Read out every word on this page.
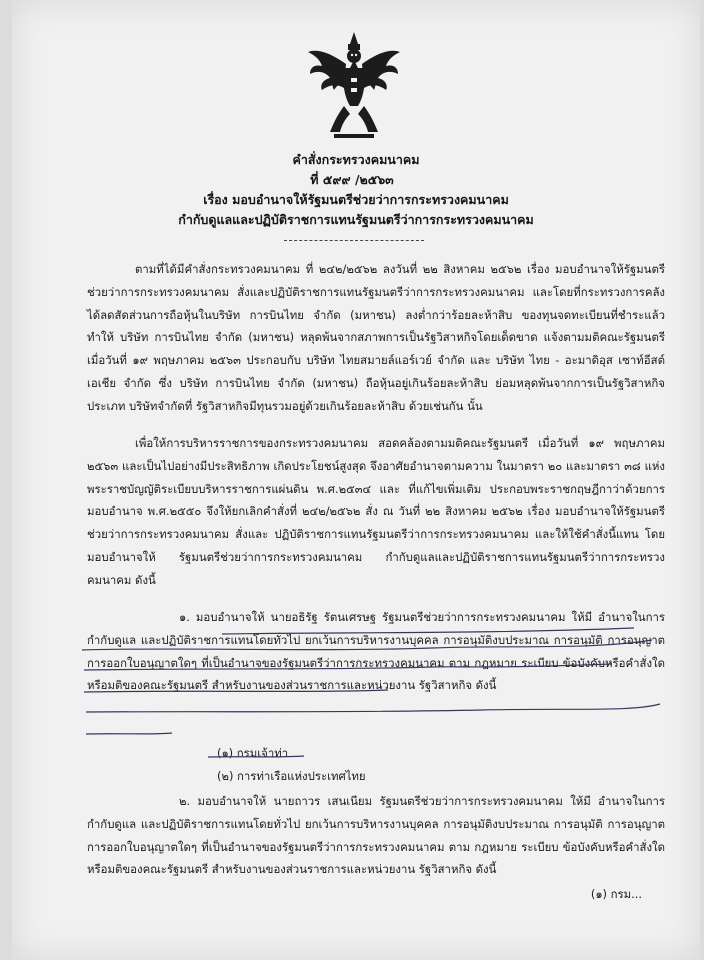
คำสั่งกระทรวงคมนาคม
ที่ ๕๙๙ /๒๕๖๓
เรื่อง มอบอำนาจให้รัฐมนตรีช่วยว่าการกระทรวงคมนาคม
กำกับดูแลและปฏิบัติราชการแทนรัฐมนตรีว่าการกระทรวงคมนาคม

ตามที่ได้มีคำสั่งกระทรวงคมนาคม ที่ ๒๔๒/๒๕๖๒ ลงวันที่ ๒๒ สิงหาคม ๒๕๖๒ เรื่อง มอบอำนาจให้รัฐมนตรีช่วยว่าการกระทรวงคมนาคม สั่งและปฏิบัติราชการแทนรัฐมนตรีว่าการกระทรวงคมนาคม และโดยที่กระทรวงการคลังได้ลดสัดส่วนการถือหุ้นในบริษัท การบินไทย จำกัด (มหาชน) ลงต่ำกว่าร้อยละห้าสิบ ของทุนจดทะเบียนที่ชำระแล้ว ทำให้ บริษัท การบินไทย จำกัด (มหาชน) หลุดพ้นจากสภาพการเป็นรัฐวิสาหกิจโดยเด็ดขาด แจ้งตามมติคณะรัฐมนตรี เมื่อวันที่ ๑๙ พฤษภาคม ๒๕๖๓ ประกอบกับ บริษัท ไทยสมายล์แอร์เวย์ จำกัด และ บริษัท ไทย - อะมาดิอุส เซาท์อีสต์เอเชีย จำกัด ซึ่ง บริษัท การบินไทย จำกัด (มหาชน) ถือหุ้นอยู่เกินร้อยละห้าสิบ ย่อมหลุดพ้นจากการเป็นรัฐวิสาหกิจประเภท บริษัทจำกัดที่ รัฐวิสาหกิจมีทุนรวมอยู่ด้วยเกินร้อยละห้าสิบ ด้วยเช่นกัน นั้น

เพื่อให้การบริหารราชการของกระทรวงคมนาคม สอดคล้องตามมติคณะรัฐมนตรี เมื่อวันที่ ๑๙ พฤษภาคม ๒๕๖๓ และเป็นไปอย่างมีประสิทธิภาพ เกิดประโยชน์สูงสุด จึงอาศัยอำนาจตามความ ในมาตรา ๒๐ และมาตรา ๓๘ แห่งพระราชบัญญัติระเบียบบริหารราชการแผ่นดิน พ.ศ.๒๕๓๔ และ ที่แก้ไขเพิ่มเติม ประกอบพระราชกฤษฎีกาว่าด้วยการมอบอำนาจ พ.ศ.๒๕๕๐ จึงให้ยกเลิกคำสั่งที่ ๒๔๒/๒๕๖๒ สั่ง ณ วันที่ ๒๒ สิงหาคม ๒๕๖๒ เรื่อง มอบอำนาจให้รัฐมนตรีช่วยว่าการกระทรวงคมนาคม สั่งและ ปฏิบัติราชการแทนรัฐมนตรีว่าการกระทรวงคมนาคม และให้ใช้คำสั่งนี้แทน โดยมอบอำนาจให้ รัฐมนตรีช่วยว่าการกระทรวงคมนาคม กำกับดูแลและปฏิบัติราชการแทนรัฐมนตรีว่าการกระทรวงคมนาคม ดังนี้

๑. มอบอำนาจให้ นายอธิรัฐ รัตนเศรษฐ รัฐมนตรีช่วยว่าการกระทรวงคมนาคม ให้มี อำนาจในการกำกับดูแล และปฏิบัติราชการแทนโดยทั่วไป ยกเว้นการบริหารงานบุคคล การอนุมัติงบประมาณ การอนุมัติ การอนุญาต การออกใบอนุญาตใดๆ ที่เป็นอำนาจของรัฐมนตรีว่าการกระทรวงคมนาคม ตาม กฎหมาย ระเบียบ ข้อบังคับหรือคำสั่งใด หรือมติของคณะรัฐมนตรี สำหรับงานของส่วนราชการและหน่วยงาน รัฐวิสาหกิจ ดังนี้

(๑) กรมเจ้าท่า
(๒) การท่าเรือแห่งประเทศไทย

๒. มอบอำนาจให้ นายถาวร เสนเนียม รัฐมนตรีช่วยว่าการกระทรวงคมนาคม ให้มี อำนาจในการกำกับดูแล และปฏิบัติราชการแทนโดยทั่วไป ยกเว้นการบริหารงานบุคคล การอนุมัติงบประมาณ การอนุมัติ การอนุญาต การออกใบอนุญาตใดๆ ที่เป็นอำนาจของรัฐมนตรีว่าการกระทรวงคมนาคม ตาม กฎหมาย ระเบียบ ข้อบังคับหรือคำสั่งใด หรือมติของคณะรัฐมนตรี สำหรับงานของส่วนราชการและหน่วยงาน รัฐวิสาหกิจ ดังนี้

(๑) กรม...
